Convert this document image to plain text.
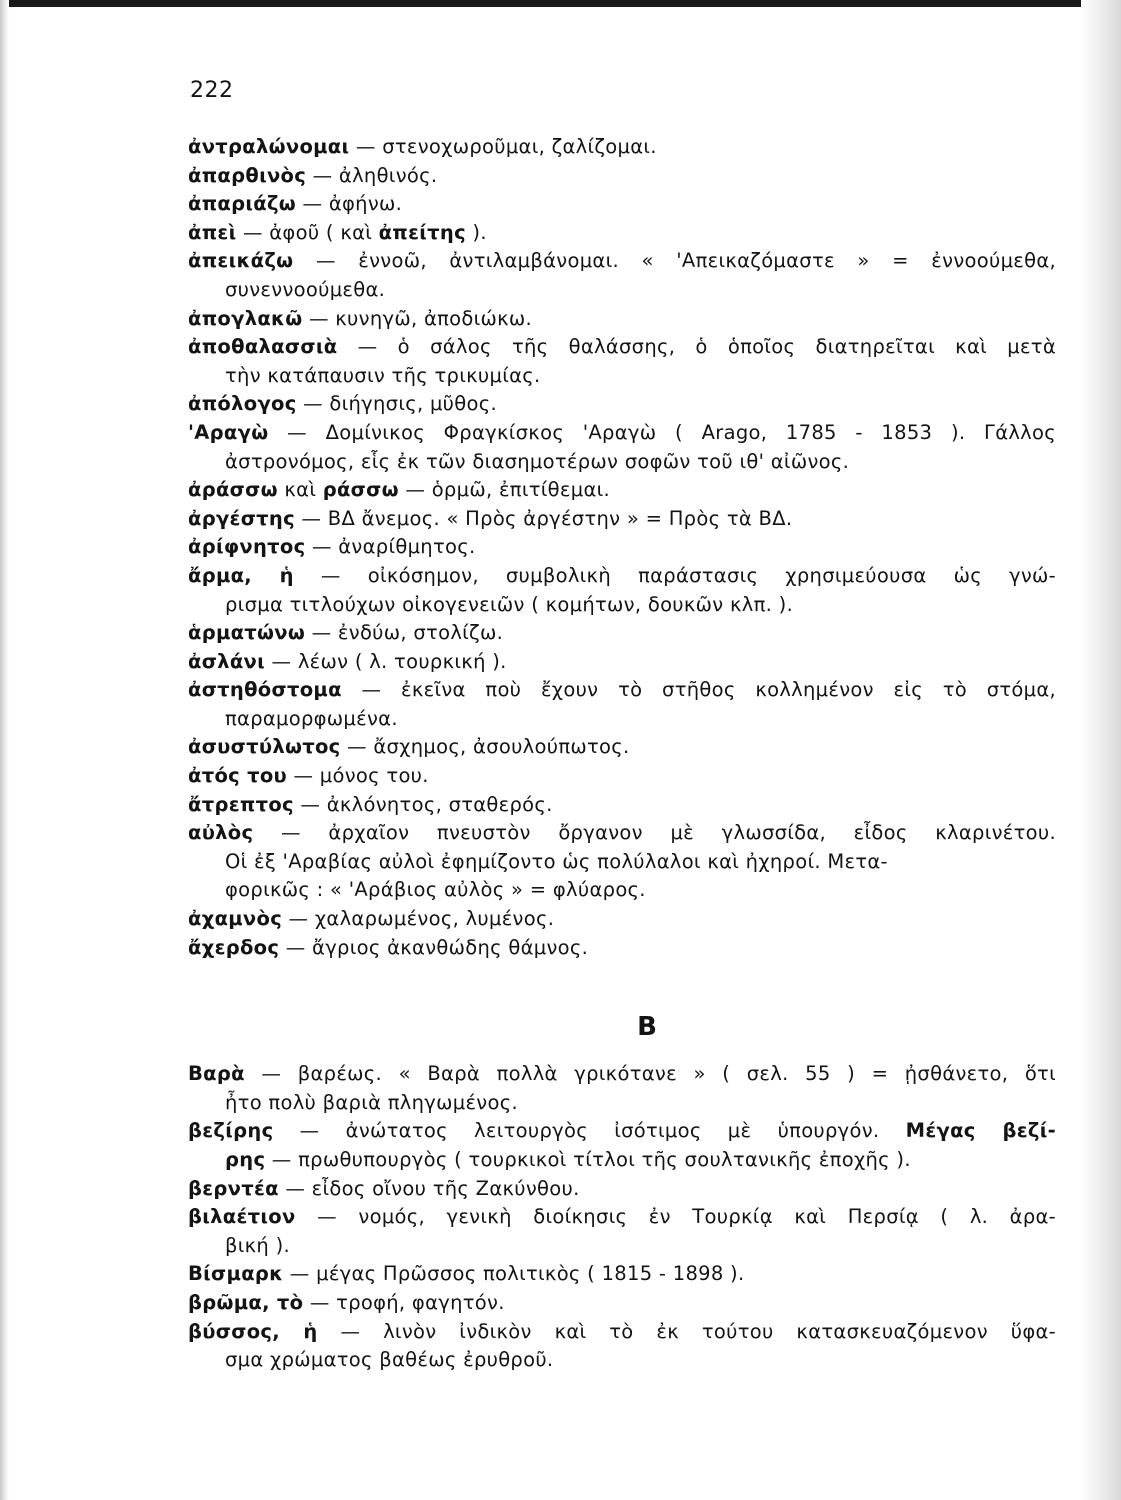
222
ἀντραλώνομαι — στενοχωροῦμαι, ζαλίζομαι.
ἀπαρθινὸς — ἀληθινός.
ἀπαριάζω — ἀφήνω.
ἀπεὶ — ἀφοῦ ( καὶ ἀπείτης ).
ἀπεικάζω — ἐννοῶ, ἀντιλαμβάνομαι. « 'Απεικαζόμαστε » = ἐννοούμεθα,
συνεννοούμεθα.
ἀπογλακῶ — κυνηγῶ, ἀποδιώκω.
ἀποθαλασσιὰ — ὁ σάλος τῆς θαλάσσης, ὁ ὁποῖος διατηρεῖται καὶ μετὰ
τὴν κατάπαυσιν τῆς τρικυμίας.
ἀπόλογος — διήγησις, μῦθος.
'Αραγὼ — Δομίνικος Φραγκίσκος 'Αραγὼ ( Arago, 1785 - 1853 ). Γάλλος
ἀστρονόμος, εἷς ἐκ τῶν διασημοτέρων σοφῶν τοῦ ιθ' αἰῶνος.
ἀράσσω καὶ ράσσω — ὁρμῶ, ἐπιτίθεμαι.
ἀργέστης — ΒΔ ἄνεμος. « Πρὸς ἀργέστην » = Πρὸς τὰ ΒΔ.
ἀρίφνητος — ἀναρίθμητος.
ἄρμα, ἡ — οἰκόσημον, συμβολικὴ παράστασις χρησιμεύουσα ὡς γνώ-
ρισμα τιτλούχων οἰκογενειῶν ( κομήτων, δουκῶν κλπ. ).
ἁρματώνω — ἐνδύω, στολίζω.
ἀσλάνι — λέων ( λ. τουρκική ).
ἀστηθόστομα — ἐκεῖνα ποὺ ἔχουν τὸ στῆθος κολλημένον εἰς τὸ στόμα,
παραμορφωμένα.
ἀσυστύλωτος — ἄσχημος, ἀσουλούπωτος.
ἀτός του — μόνος του.
ἄτρεπτος — ἀκλόνητος, σταθερός.
αὐλὸς — ἀρχαῖον πνευστὸν ὄργανον μὲ γλωσσίδα, εἶδος κλαρινέτου.
Οἱ ἐξ 'Αραβίας αὐλοὶ ἐφημίζοντο ὡς πολύλαλοι καὶ ἠχηροί. Μετα-
φορικῶς : « 'Αράβιος αὐλὸς » = φλύαρος.
ἀχαμνὸς — χαλαρωμένος, λυμένος.
ἄχερδος — ἄγριος ἀκανθώδης θάμνος.
B
Βαρὰ — βαρέως. « Βαρὰ πολλὰ γρικότανε » ( σελ. 55 ) = ᾐσθάνετο, ὅτι
ἦτο πολὺ βαριὰ πληγωμένος.
βεζίρης — ἀνώτατος λειτουργὸς ἰσότιμος μὲ ὑπουργόν. Μέγας βεζί-
ρης — πρωθυπουργὸς ( τουρκικοὶ τίτλοι τῆς σουλτανικῆς ἐποχῆς ).
βερντέα — εἶδος οἴνου τῆς Ζακύνθου.
βιλαέτιον — νομός, γενικὴ διοίκησις ἐν Τουρκίᾳ καὶ Περσίᾳ ( λ. ἀρα-
βική ).
Βίσμαρκ — μέγας Πρῶσσος πολιτικὸς ( 1815 - 1898 ).
βρῶμα, τὸ — τροφή, φαγητόν.
βύσσος, ἡ — λινὸν ἰνδικὸν καὶ τὸ ἐκ τούτου κατασκευαζόμενον ὕφα-
σμα χρώματος βαθέως ἐρυθροῦ.
